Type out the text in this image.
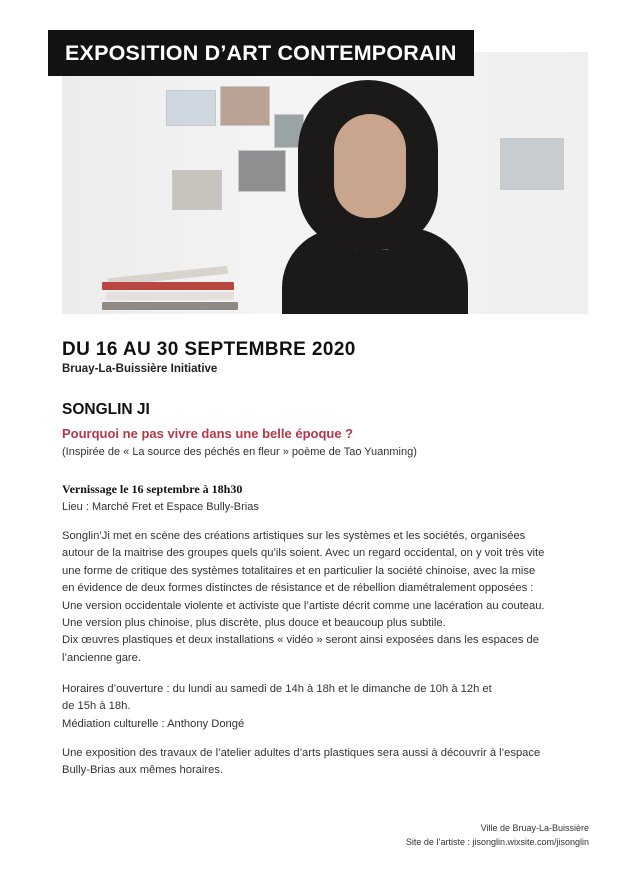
EXPOSITION D’ART CONTEMPORAIN
DU 16 AU 30 SEPTEMBRE 2020
Bruay-La-Buissière Initiative
SONGLIN JI
Pourquoi ne pas vivre dans une belle époque ?
(Inspirée de « La source des péchés en fleur » poème de Tao Yuanming)
Vernissage le 16 septembre à 18h30
Lieu : Marché Fret et Espace Bully-Brias
Songlin’Ji met en scène des créations artistiques sur les systèmes et les sociétés, organisées
autour de la maitrise des groupes quels qu’ils soient. Avec un regard occidental, on y voit très vite
une forme de critique des systèmes totalitaires et en particulier la société chinoise, avec la mise
en évidence de deux formes distinctes de résistance et de rébellion diamétralement opposées :
Une version occidentale violente et activiste que l’artiste décrit comme une lacération au couteau.
Une version plus chinoise, plus discrète, plus douce et beaucoup plus subtile.
Dix œuvres plastiques et deux installations « vidéo » seront ainsi exposées dans les espaces de
l’ancienne gare.
Horaires d’ouverture : du lundi au samedi de 14h à 18h et le dimanche de 10h à 12h et
de 15h à 18h.
Médiation culturelle : Anthony Dongé
Une exposition des travaux de l’atelier adultes d’arts plastiques sera aussi à découvrir à l’espace
Bully-Brias aux mêmes horaires.
Ville de Bruay-La-Buissière
Site de l’artiste : jisonglin.wixsite.com/jisonglin
